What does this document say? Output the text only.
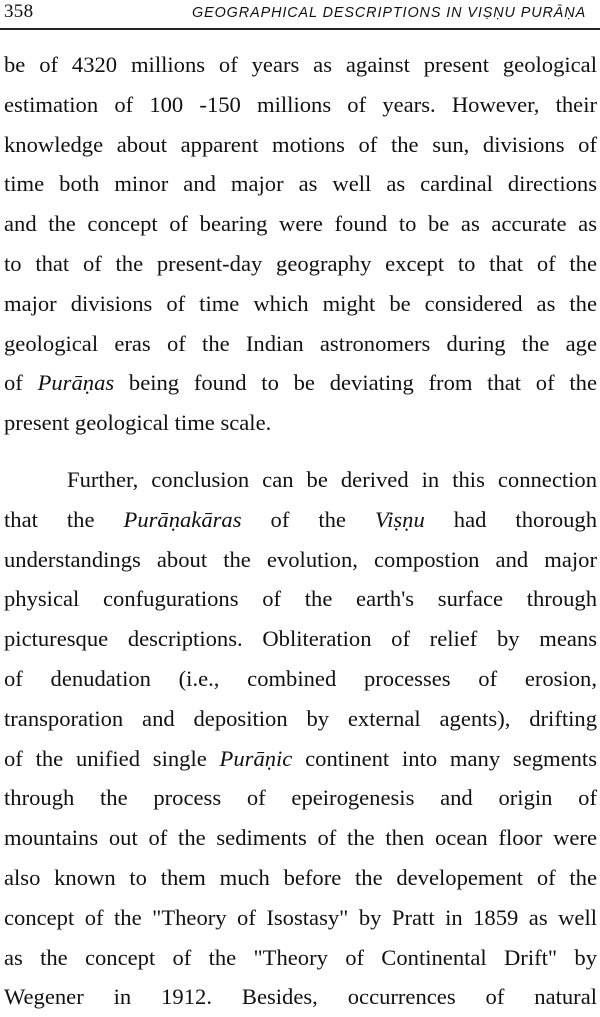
358	GEOGRAPHICAL DESCRIPTIONS IN VIṢṆU PURĀṆA
be of 4320 millions of years as against present geological
estimation of 100 -150 millions of years. However, their
knowledge about apparent motions of the sun, divisions of
time both minor and major as well as cardinal directions
and the concept of bearing were found to be as accurate as
to that of the present-day geography except to that of the
major divisions of time which might be considered as the
geological eras of the Indian astronomers during the age
of Purāṇas being found to be deviating from that of the
present geological time scale.
Further, conclusion can be derived in this connection
that the Purāṇakāras of the Viṣṇu had thorough
understandings about the evolution, compostion and major
physical confugurations of the earth's surface through
picturesque descriptions. Obliteration of relief by means
of denudation (i.e., combined processes of erosion,
transporation and deposition by external agents), drifting
of the unified single Purāṇic continent into many segments
through the process of epeirogenesis and origin of
mountains out of the sediments of the then ocean floor were
also known to them much before the developement of the
concept of the "Theory of Isostasy" by Pratt in 1859 as well
as the concept of the "Theory of Continental Drift" by
Wegener in 1912. Besides, occurrences of natural
